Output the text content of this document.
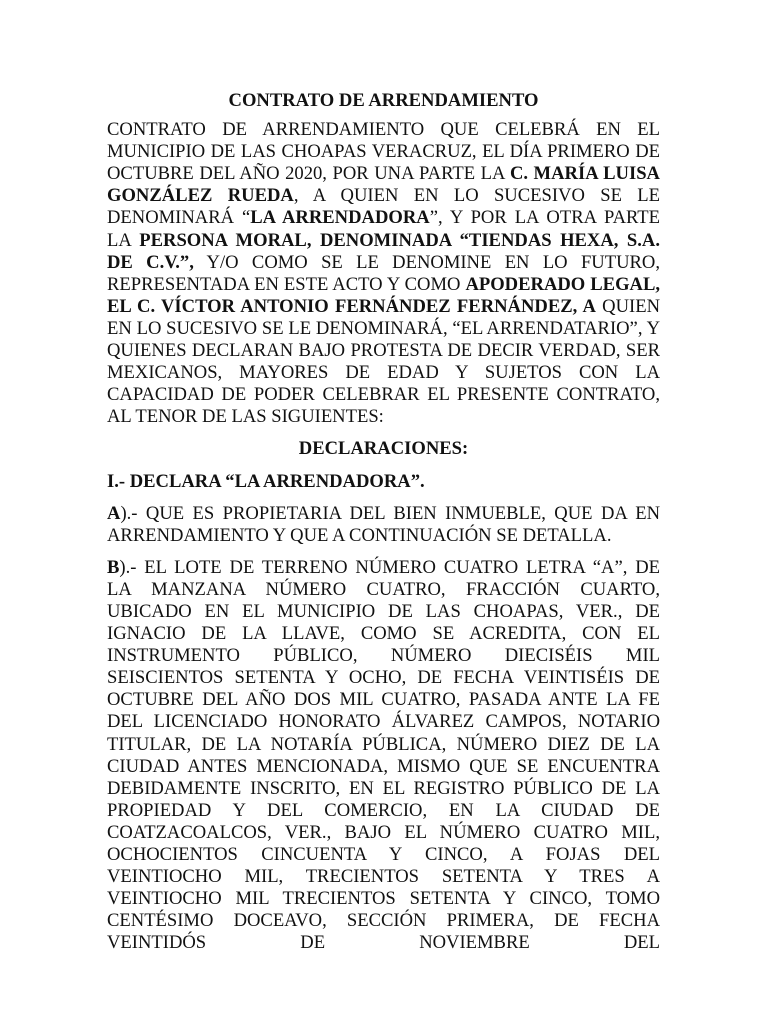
CONTRATO DE ARRENDAMIENTO

CONTRATO DE ARRENDAMIENTO QUE CELEBRÁ EN EL MUNICIPIO DE LAS CHOAPAS VERACRUZ, EL DÍA PRIMERO DE OCTUBRE DEL AÑO 2020, POR UNA PARTE LA C. MARÍA LUISA GONZÁLEZ RUEDA, A QUIEN EN LO SUCESIVO SE LE DENOMINARÁ “LA ARRENDADORA”, Y POR LA OTRA PARTE LA PERSONA MORAL, DENOMINADA “TIENDAS HEXA, S.A. DE C.V.”, Y/O COMO SE LE DENOMINE EN LO FUTURO, REPRESENTADA EN ESTE ACTO Y COMO APODERADO LEGAL, EL C. VÍCTOR ANTONIO FERNÁNDEZ FERNÁNDEZ, A QUIEN EN LO SUCESIVO SE LE DENOMINARÁ, “EL ARRENDATARIO”, Y QUIENES DECLARAN BAJO PROTESTA DE DECIR VERDAD, SER MEXICANOS, MAYORES DE EDAD Y SUJETOS CON LA CAPACIDAD DE PODER CELEBRAR EL PRESENTE CONTRATO, AL TENOR DE LAS SIGUIENTES:

DECLARACIONES:
I.- DECLARA “LA ARRENDADORA”.

A).- QUE ES PROPIETARIA DEL BIEN INMUEBLE, QUE DA EN ARRENDAMIENTO Y QUE A CONTINUACIÓN SE DETALLA.

B).- EL LOTE DE TERRENO NÚMERO CUATRO LETRA “A”, DE LA MANZANA NÚMERO CUATRO, FRACCIÓN CUARTO, UBICADO EN EL MUNICIPIO DE LAS CHOAPAS, VER., DE IGNACIO DE LA LLAVE, COMO SE ACREDITA, CON EL INSTRUMENTO PÚBLICO, NÚMERO DIECISÉIS MIL SEISCIENTOS SETENTA Y OCHO, DE FECHA VEINTISÉIS DE OCTUBRE DEL AÑO DOS MIL CUATRO, PASADA ANTE LA FE DEL LICENCIADO HONORATO ÁLVAREZ CAMPOS, NOTARIO TITULAR, DE LA NOTARÍA PÚBLICA, NÚMERO DIEZ DE LA CIUDAD ANTES MENCIONADA, MISMO QUE SE ENCUENTRA DEBIDAMENTE INSCRITO, EN EL REGISTRO PÚBLICO DE LA PROPIEDAD Y DEL COMERCIO, EN LA CIUDAD DE COATZACOALCOS, VER., BAJO EL NÚMERO CUATRO MIL, OCHOCIENTOS CINCUENTA Y CINCO, A FOJAS DEL VEINTIOCHO MIL, TRECIENTOS SETENTA Y TRES A VEINTIOCHO MIL TRECIENTOS SETENTA Y CINCO, TOMO CENTÉSIMO DOCEAVO, SECCIÓN PRIMERA, DE FECHA VEINTIDÓS DE NOVIEMBRE DEL
